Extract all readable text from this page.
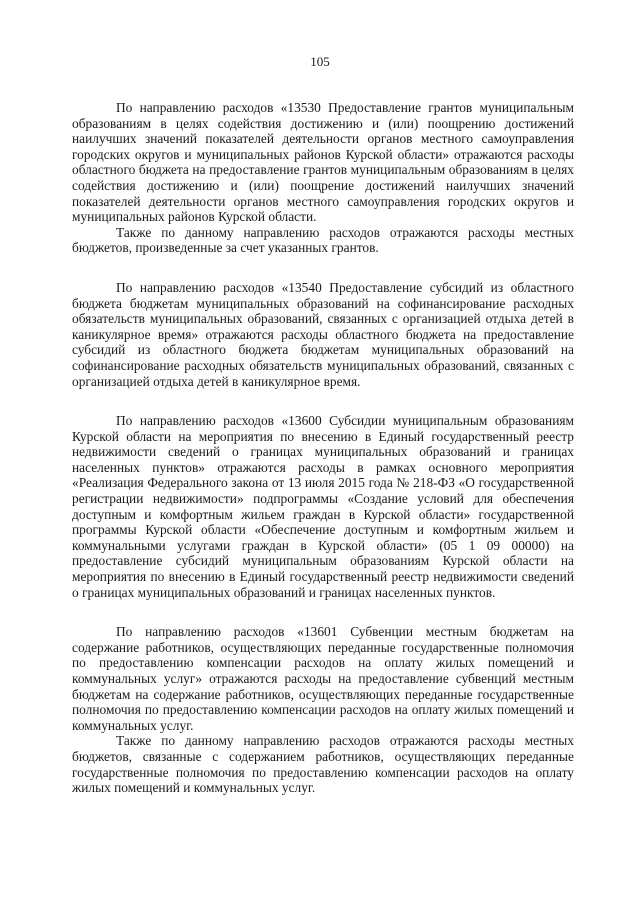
105

По направлению расходов «13530 Предоставление грантов муниципальным образованиям в целях содействия достижению и (или) поощрению достижений наилучших значений показателей деятельности органов местного самоуправления городских округов и муниципальных районов Курской области» отражаются расходы областного бюджета на предоставление грантов муниципальным образованиям в целях содействия достижению и (или) поощрение достижений наилучших значений показателей деятельности органов местного самоуправления городских округов и муниципальных районов Курской области.

Также по данному направлению расходов отражаются расходы местных бюджетов, произведенные за счет указанных грантов.

По направлению расходов «13540 Предоставление субсидий из областного бюджета бюджетам муниципальных образований на софинансирование расходных обязательств муниципальных образований, связанных с организацией отдыха детей в каникулярное время» отражаются расходы областного бюджета на предоставление субсидий из областного бюджета бюджетам муниципальных образований на софинансирование расходных обязательств муниципальных образований, связанных с организацией отдыха детей в каникулярное время.

По направлению расходов «13600 Субсидии муниципальным образованиям Курской области на мероприятия по внесению в Единый государственный реестр недвижимости сведений о границах муниципальных образований и границах населенных пунктов» отражаются расходы в рамках основного мероприятия «Реализация Федерального закона от 13 июля 2015 года № 218-ФЗ «О государственной регистрации недвижимости» подпрограммы «Создание условий для обеспечения доступным и комфортным жильем граждан в Курской области» государственной программы Курской области «Обеспечение доступным и комфортным жильем и коммунальными услугами граждан в Курской области» (05 1 09 00000) на предоставление субсидий муниципальным образованиям Курской области на мероприятия по внесению в Единый государственный реестр недвижимости сведений о границах муниципальных образований и границах населенных пунктов.

По направлению расходов «13601 Субвенции местным бюджетам на содержание работников, осуществляющих переданные государственные полномочия по предоставлению компенсации расходов на оплату жилых помещений и коммунальных услуг» отражаются расходы на предоставление субвенций местным бюджетам на содержание работников, осуществляющих переданные государственные полномочия по предоставлению компенсации расходов на оплату жилых помещений и коммунальных услуг.

Также по данному направлению расходов отражаются расходы местных бюджетов, связанные с содержанием работников, осуществляющих переданные государственные полномочия по предоставлению компенсации расходов на оплату жилых помещений и коммунальных услуг.
